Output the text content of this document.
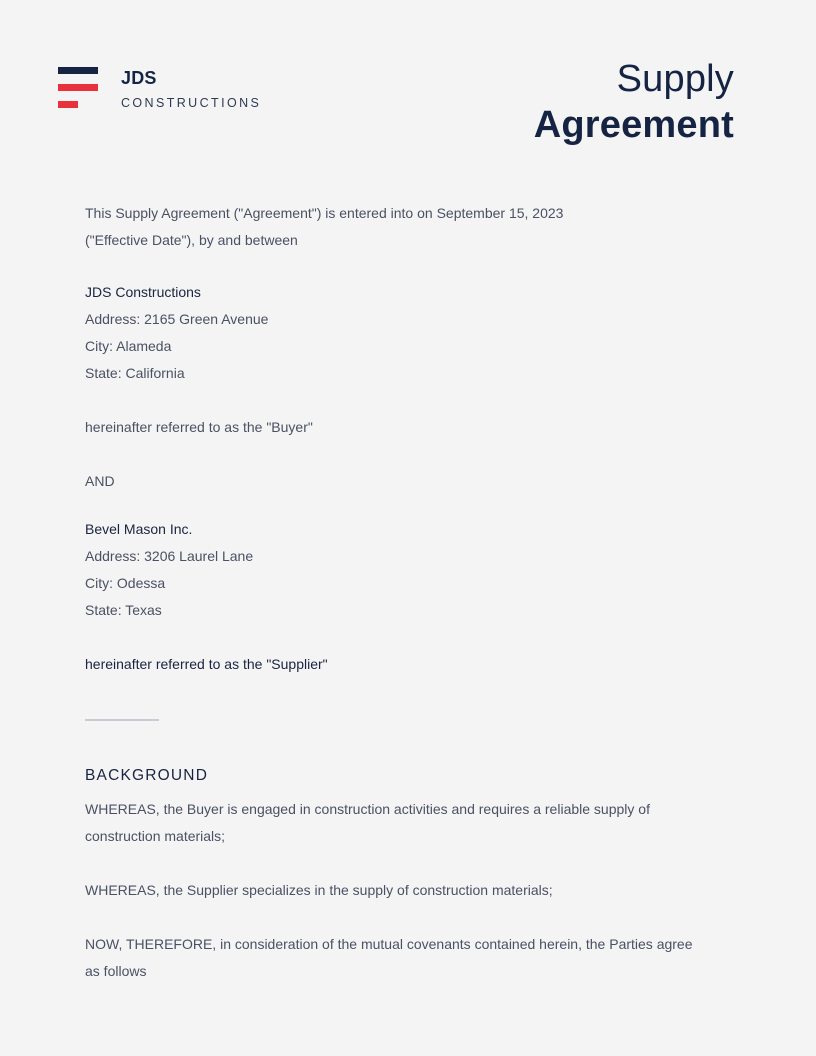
JDS
CONSTRUCTIONS
Supply
Agreement
This Supply Agreement ("Agreement") is entered into on September 15, 2023
("Effective Date"), by and between
JDS Constructions
Address: 2165 Green Avenue
City: Alameda
State: California

hereinafter referred to as the "Buyer"

AND
Bevel Mason Inc.
Address: 3206 Laurel Lane
City: Odessa
State: Texas

hereinafter referred to as the "Supplier"
BACKGROUND
WHEREAS, the Buyer is engaged in construction activities and requires a reliable supply of
construction materials;

WHEREAS, the Supplier specializes in the supply of construction materials;

NOW, THEREFORE, in consideration of the mutual covenants contained herein, the Parties agree
as follows
